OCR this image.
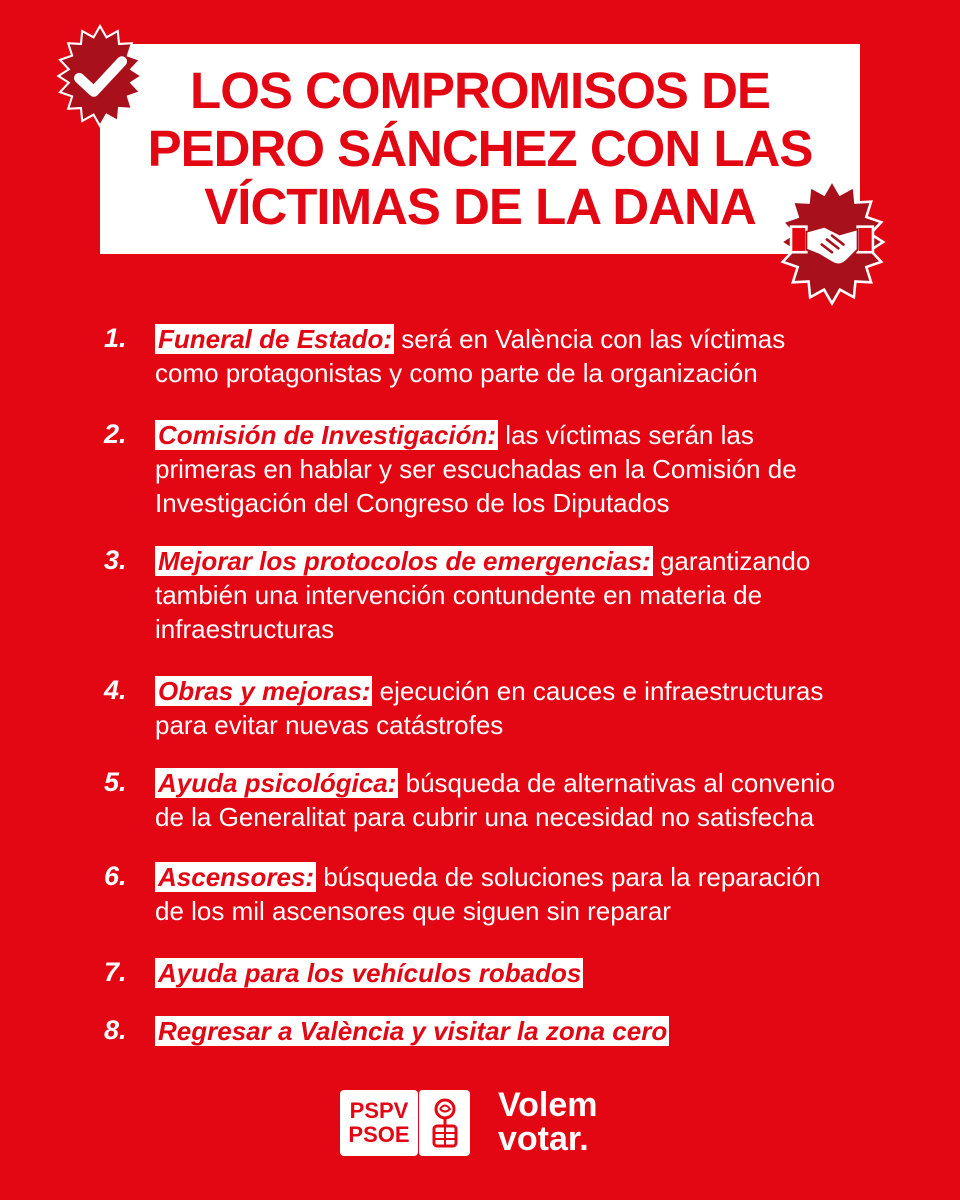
LOS COMPROMISOS DE
PEDRO SÁNCHEZ CON LAS
VÍCTIMAS DE LA DANA
1. Funeral de Estado: será en València con las víctimas
como protagonistas y como parte de la organización
2. Comisión de Investigación: las víctimas serán las
primeras en hablar y ser escuchadas en la Comisión de
Investigación del Congreso de los Diputados
3. Mejorar los protocolos de emergencias: garantizando
también una intervención contundente en materia de
infraestructuras
4. Obras y mejoras: ejecución en cauces e infraestructuras
para evitar nuevas catástrofes
5. Ayuda psicológica: búsqueda de alternativas al convenio
de la Generalitat para cubrir una necesidad no satisfecha
6. Ascensores: búsqueda de soluciones para la reparación
de los mil ascensores que siguen sin reparar
7. Ayuda para los vehículos robados
8. Regresar a València y visitar la zona cero
PSPV
PSOE
Volem
votar.
